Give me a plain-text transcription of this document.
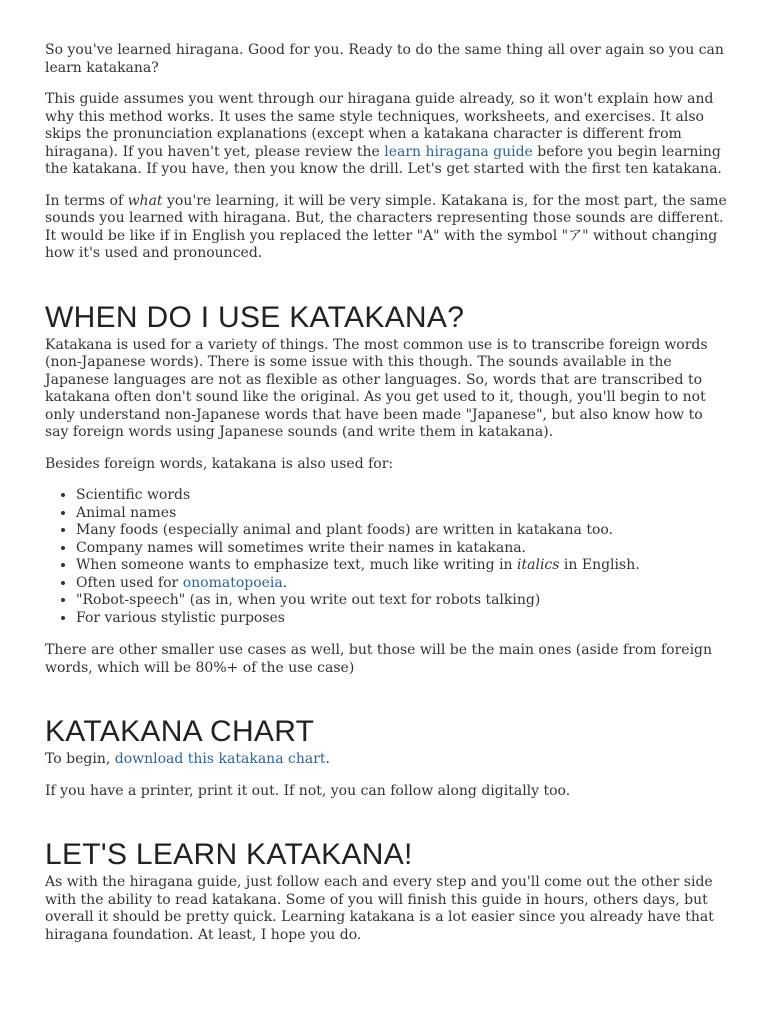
So you've learned hiragana. Good for you. Ready to do the same thing all over again so you can learn katakana?

This guide assumes you went through our hiragana guide already, so it won't explain how and why this method works. It uses the same style techniques, worksheets, and exercises. It also skips the pronunciation explanations (except when a katakana character is different from hiragana). If you haven't yet, please review the learn hiragana guide before you begin learning the katakana. If you have, then you know the drill. Let's get started with the first ten katakana.

In terms of what you're learning, it will be very simple. Katakana is, for the most part, the same sounds you learned with hiragana. But, the characters representing those sounds are different. It would be like if in English you replaced the letter "A" with the symbol "ア" without changing how it's used and pronounced.

WHEN DO I USE KATAKANA?

Katakana is used for a variety of things. The most common use is to transcribe foreign words (non-Japanese words). There is some issue with this though. The sounds available in the Japanese languages are not as flexible as other languages. So, words that are transcribed to katakana often don't sound like the original. As you get used to it, though, you'll begin to not only understand non-Japanese words that have been made "Japanese", but also know how to say foreign words using Japanese sounds (and write them in katakana).

Besides foreign words, katakana is also used for:

• Scientific words
• Animal names
• Many foods (especially animal and plant foods) are written in katakana too.
• Company names will sometimes write their names in katakana.
• When someone wants to emphasize text, much like writing in italics in English.
• Often used for onomatopoeia.
• "Robot-speech" (as in, when you write out text for robots talking)
• For various stylistic purposes

There are other smaller use cases as well, but those will be the main ones (aside from foreign words, which will be 80%+ of the use case)

KATAKANA CHART

To begin, download this katakana chart.

If you have a printer, print it out. If not, you can follow along digitally too.

LET'S LEARN KATAKANA!

As with the hiragana guide, just follow each and every step and you'll come out the other side with the ability to read katakana. Some of you will finish this guide in hours, others days, but overall it should be pretty quick. Learning katakana is a lot easier since you already have that hiragana foundation. At least, I hope you do.
